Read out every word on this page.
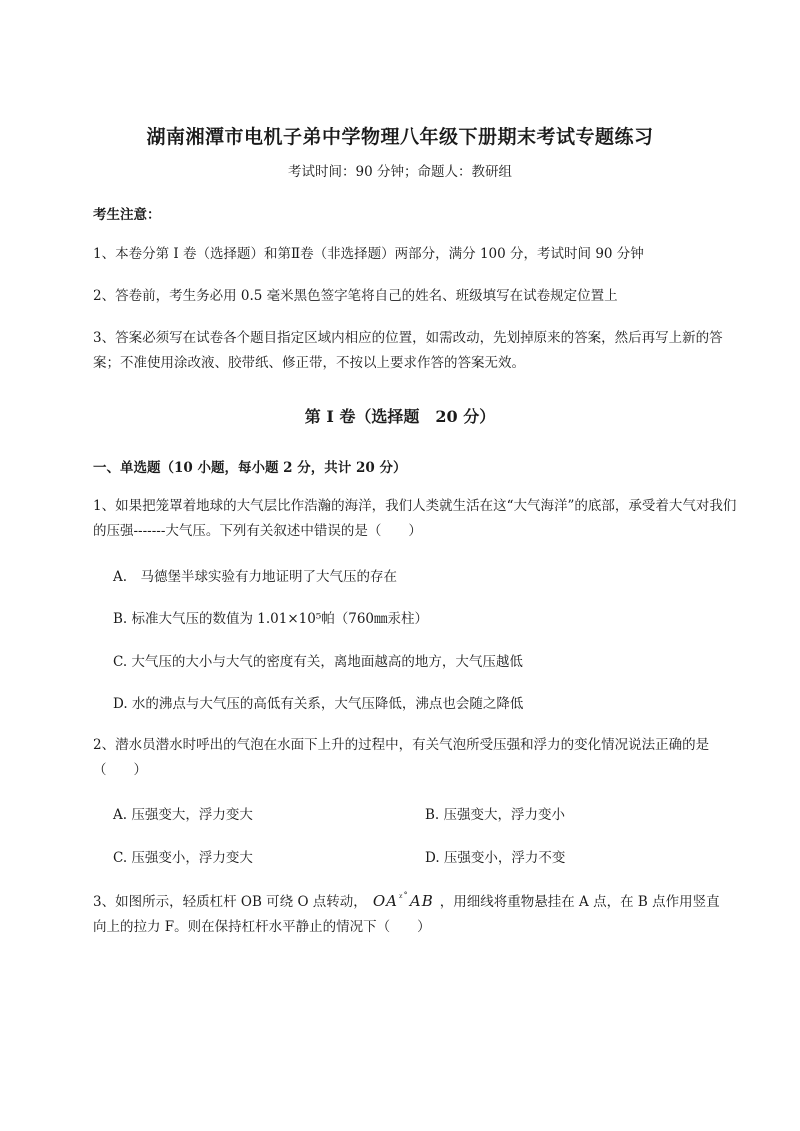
湖南湘潭市电机子弟中学物理八年级下册期末考试专题练习
考试时间：90 分钟；命题人：教研组
考生注意：
1、本卷分第 I 卷（选择题）和第Ⅱ卷（非选择题）两部分，满分 100 分，考试时间 90 分钟
2、答卷前，考生务必用 0.5 毫米黑色签字笔将自己的姓名、班级填写在试卷规定位置上
3、答案必须写在试卷各个题目指定区域内相应的位置，如需改动，先划掉原来的答案，然后再写上新的答案；不准使用涂改液、胶带纸、修正带，不按以上要求作答的答案无效。
第 I 卷（选择题　20 分）
一、单选题（10 小题，每小题 2 分，共计 20 分）
1、如果把笼罩着地球的大气层比作浩瀚的海洋，我们人类就生活在这“大气海洋”的底部，承受着大气对我们的压强-------大气压。下列有关叙述中错误的是（　　）
A.　马德堡半球实验有力地证明了大气压的存在
B. 标准大气压的数值为 1.01×10⁵帕（760㎜汞柱）
C. 大气压的大小与大气的密度有关，离地面越高的地方，大气压越低
D. 水的沸点与大气压的高低有关系，大气压降低，沸点也会随之降低
2、潜水员潜水时呼出的气泡在水面下上升的过程中，有关气泡所受压强和浮力的变化情况说法正确的是（　　）
A. 压强变大，浮力变大	B. 压强变大，浮力变小
C. 压强变小，浮力变大	D. 压强变小，浮力不变
3、如图所示，轻质杠杆 OB 可绕 O 点转动， $OA^{ᵡ˚}AB$ ，用细线将重物悬挂在 A 点，在 B 点作用竖直
向上的拉力 F。则在保持杠杆水平静止的情况下（　　）
